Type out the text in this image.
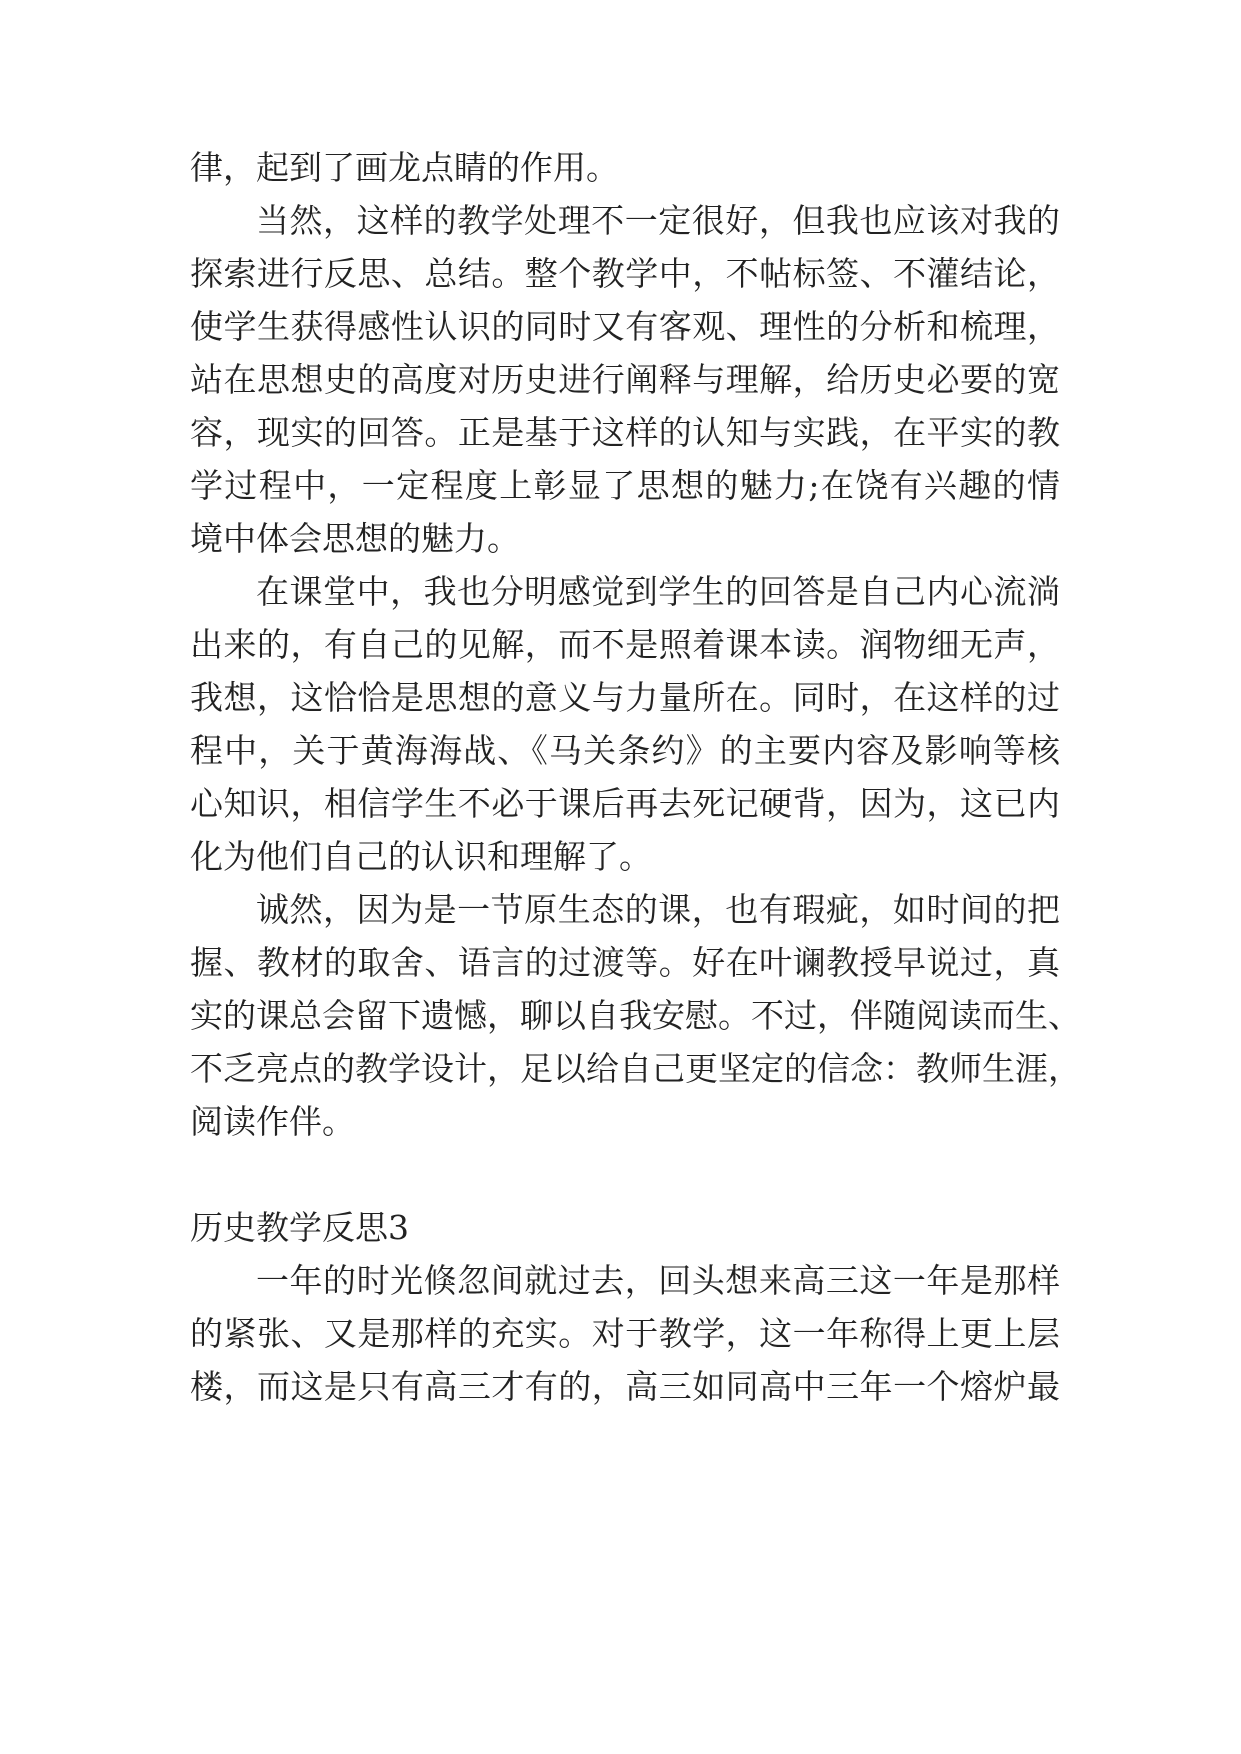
律，起到了画龙点睛的作用。
当然，这样的教学处理不一定很好，但我也应该对我的
探索进行反思、总结。整个教学中，不帖标签、不灌结论，
使学生获得感性认识的同时又有客观、理性的分析和梳理，
站在思想史的高度对历史进行阐释与理解，给历史必要的宽
容，现实的回答。正是基于这样的认知与实践，在平实的教
学过程中，一定程度上彰显了思想的魅力;在饶有兴趣的情
境中体会思想的魅力。
在课堂中，我也分明感觉到学生的回答是自己内心流淌
出来的，有自己的见解，而不是照着课本读。润物细无声，
我想，这恰恰是思想的意义与力量所在。同时，在这样的过
程中，关于黄海海战、《马关条约》的主要内容及影响等核
心知识，相信学生不必于课后再去死记硬背，因为，这已内
化为他们自己的认识和理解了。
诚然，因为是一节原生态的课，也有瑕疵，如时间的把
握、教材的取舍、语言的过渡等。好在叶谰教授早说过，真
实的课总会留下遗憾，聊以自我安慰。不过，伴随阅读而生、
不乏亮点的教学设计，足以给自己更坚定的信念：教师生涯，
阅读作伴。
历史教学反思3
一年的时光倏忽间就过去，回头想来高三这一年是那样
的紧张、又是那样的充实。对于教学，这一年称得上更上层
楼，而这是只有高三才有的，高三如同高中三年一个熔炉最
